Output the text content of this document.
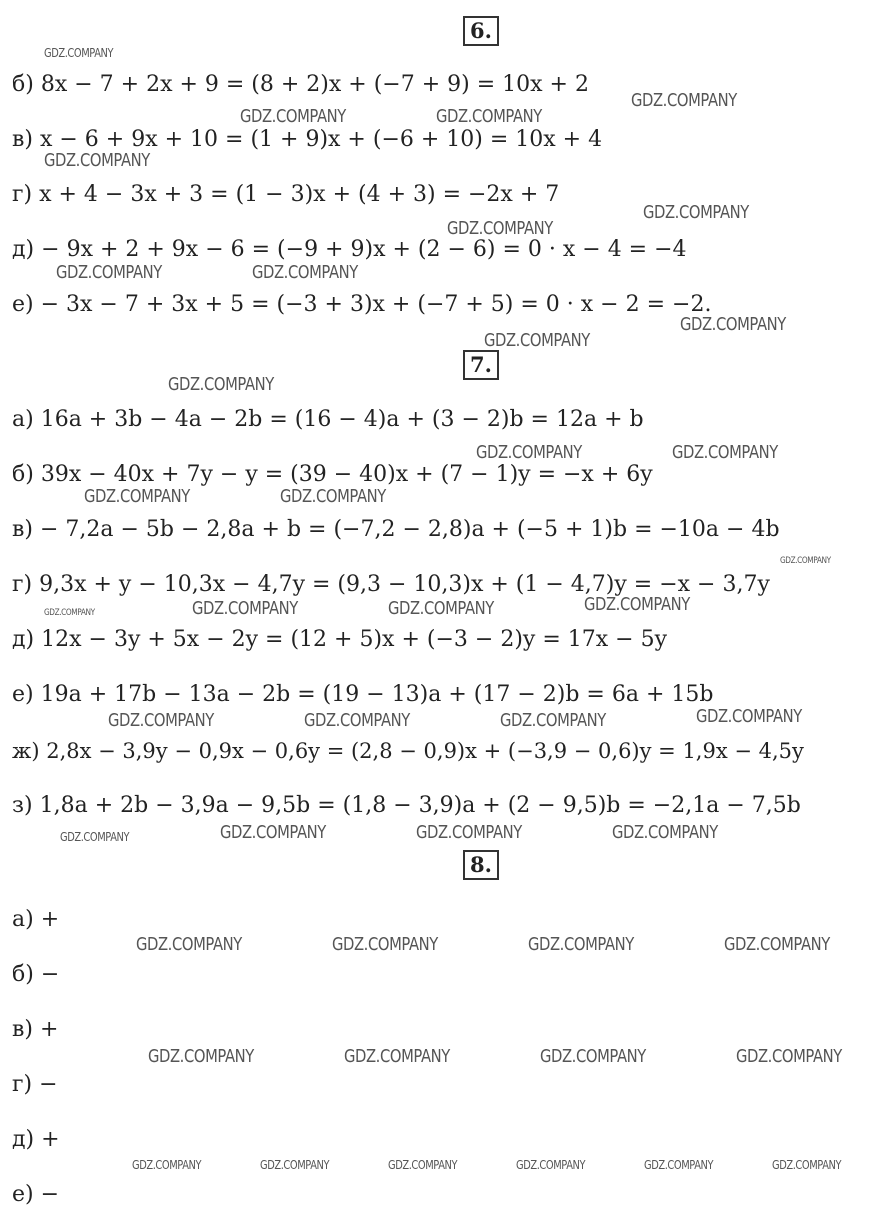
6.
б) 8x − 7 + 2x + 9 = (8 + 2)x + (−7 + 9) = 10x + 2
в) x − 6 + 9x + 10 = (1 + 9)x + (−6 + 10) = 10x + 4
г) x + 4 − 3x + 3 = (1 − 3)x + (4 + 3) = −2x + 7
д) − 9x + 2 + 9x − 6 = (−9 + 9)x + (2 − 6) = 0 · x − 4 = −4
е) − 3x − 7 + 3x + 5 = (−3 + 3)x + (−7 + 5) = 0 · x − 2 = −2.
7.
а) 16a + 3b − 4a − 2b = (16 − 4)a + (3 − 2)b = 12a + b
б) 39x − 40x + 7y − y = (39 − 40)x + (7 − 1)y = −x + 6y
в) − 7,2a − 5b − 2,8a + b = (−7,2 − 2,8)a + (−5 + 1)b = −10a − 4b
г) 9,3x + y − 10,3x − 4,7y = (9,3 − 10,3)x + (1 − 4,7)y = −x − 3,7y
д) 12x − 3y + 5x − 2y = (12 + 5)x + (−3 − 2)y = 17x − 5y
е) 19a + 17b − 13a − 2b = (19 − 13)a + (17 − 2)b = 6a + 15b
ж) 2,8x − 3,9y − 0,9x − 0,6y = (2,8 − 0,9)x + (−3,9 − 0,6)y = 1,9x − 4,5y
з) 1,8a + 2b − 3,9a − 9,5b = (1,8 − 3,9)a + (2 − 9,5)b = −2,1a − 7,5b
8.
а) +
б) −
в) +
г) −
д) +
е) −
GDZ.COMPANY
GDZ.COMPANY
GDZ.COMPANY	GDZ.COMPANY
GDZ.COMPANY
GDZ.COMPANY
GDZ.COMPANY
GDZ.COMPANY	GDZ.COMPANY
GDZ.COMPANY
GDZ.COMPANY
GDZ.COMPANY
GDZ.COMPANY	GDZ.COMPANY
GDZ.COMPANY	GDZ.COMPANY
GDZ.COMPANY
GDZ.COMPANY
GDZ.COMPANY	GDZ.COMPANY
GDZ.COMPANY
GDZ.COMPANY
GDZ.COMPANY	GDZ.COMPANY	GDZ.COMPANY
GDZ.COMPANY	GDZ.COMPANY	GDZ.COMPANY
GDZ.COMPANY
GDZ.COMPANY	GDZ.COMPANY	GDZ.COMPANY	GDZ.COMPANY
GDZ.COMPANY	GDZ.COMPANY	GDZ.COMPANY	GDZ.COMPANY
GDZ.COMPANY	GDZ.COMPANY	GDZ.COMPANY	GDZ.COMPANY	GDZ.COMPANY	GDZ.COMPANY
